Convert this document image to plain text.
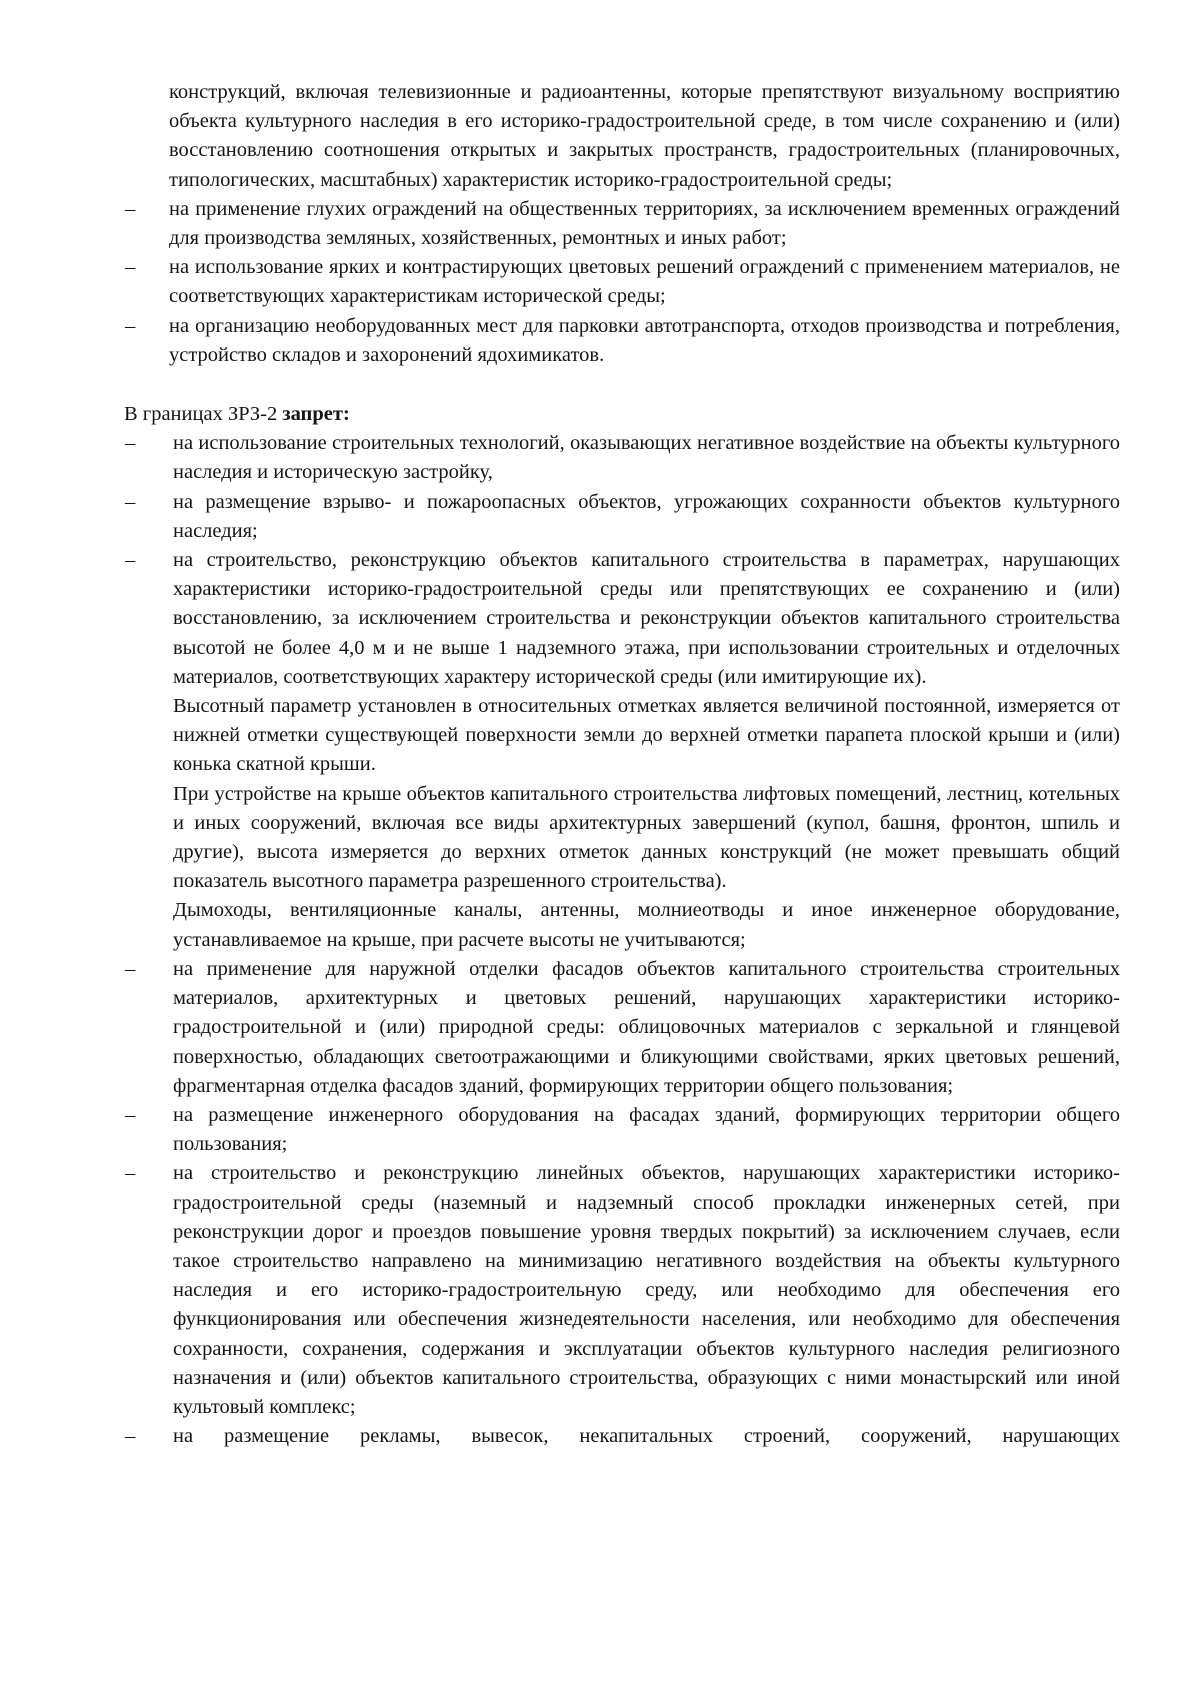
конструкций, включая телевизионные и радиоантенны, которые препятствуют визуальному восприятию объекта культурного наследия в его историко-градостроительной среде, в том числе сохранению и (или) восстановлению соотношения открытых и закрытых пространств, градостроительных (планировочных, типологических, масштабных) характеристик историко-градостроительной среды;

– на применение глухих ограждений на общественных территориях, за исключением временных ограждений для производства земляных, хозяйственных, ремонтных и иных работ;
– на использование ярких и контрастирующих цветовых решений ограждений с применением материалов, не соответствующих характеристикам исторической среды;
– на организацию необорудованных мест для парковки автотранспорта, отходов производства и потребления, устройство складов и захоронений ядохимикатов.

В границах ЗРЗ-2 запрет:

– на использование строительных технологий, оказывающих негативное воздействие на объекты культурного наследия и историческую застройку,
– на размещение взрыво- и пожароопасных объектов, угрожающих сохранности объектов культурного наследия;
– на строительство, реконструкцию объектов капитального строительства в параметрах, нарушающих характеристики историко-градостроительной среды или препятствующих ее сохранению и (или) восстановлению, за исключением строительства и реконструкции объектов капитального строительства высотой не более 4,0 м и не выше 1 надземного этажа, при использовании строительных и отделочных материалов, соответствующих характеру исторической среды (или имитирующие их).

Высотный параметр установлен в относительных отметках является величиной постоянной, измеряется от нижней отметки существующей поверхности земли до верхней отметки парапета плоской крыши и (или) конька скатной крыши.

При устройстве на крыше объектов капитального строительства лифтовых помещений, лестниц, котельных и иных сооружений, включая все виды архитектурных завершений (купол, башня, фронтон, шпиль и другие), высота измеряется до верхних отметок данных конструкций (не может превышать общий показатель высотного параметра разрешенного строительства).

Дымоходы, вентиляционные каналы, антенны, молниеотводы и иное инженерное оборудование, устанавливаемое на крыше, при расчете высоты не учитываются;

– на применение для наружной отделки фасадов объектов капитального строительства строительных материалов, архитектурных и цветовых решений, нарушающих характеристики историко-градостроительной и (или) природной среды: облицовочных материалов с зеркальной и глянцевой поверхностью, обладающих светоотражающими и бликующими свойствами, ярких цветовых решений, фрагментарная отделка фасадов зданий, формирующих территории общего пользования;
– на размещение инженерного оборудования на фасадах зданий, формирующих территории общего пользования;
– на строительство и реконструкцию линейных объектов, нарушающих характеристики историко-градостроительной среды (наземный и надземный способ прокладки инженерных сетей, при реконструкции дорог и проездов повышение уровня твердых покрытий) за исключением случаев, если такое строительство направлено на минимизацию негативного воздействия на объекты культурного наследия и его историко-градостроительную среду, или необходимо для обеспечения его функционирования или обеспечения жизнедеятельности населения, или необходимо для обеспечения сохранности, сохранения, содержания и эксплуатации объектов культурного наследия религиозного назначения и (или) объектов капитального строительства, образующих с ними монастырский или иной культовый комплекс;
– на размещение рекламы, вывесок, некапитальных строений, сооружений, нарушающих
